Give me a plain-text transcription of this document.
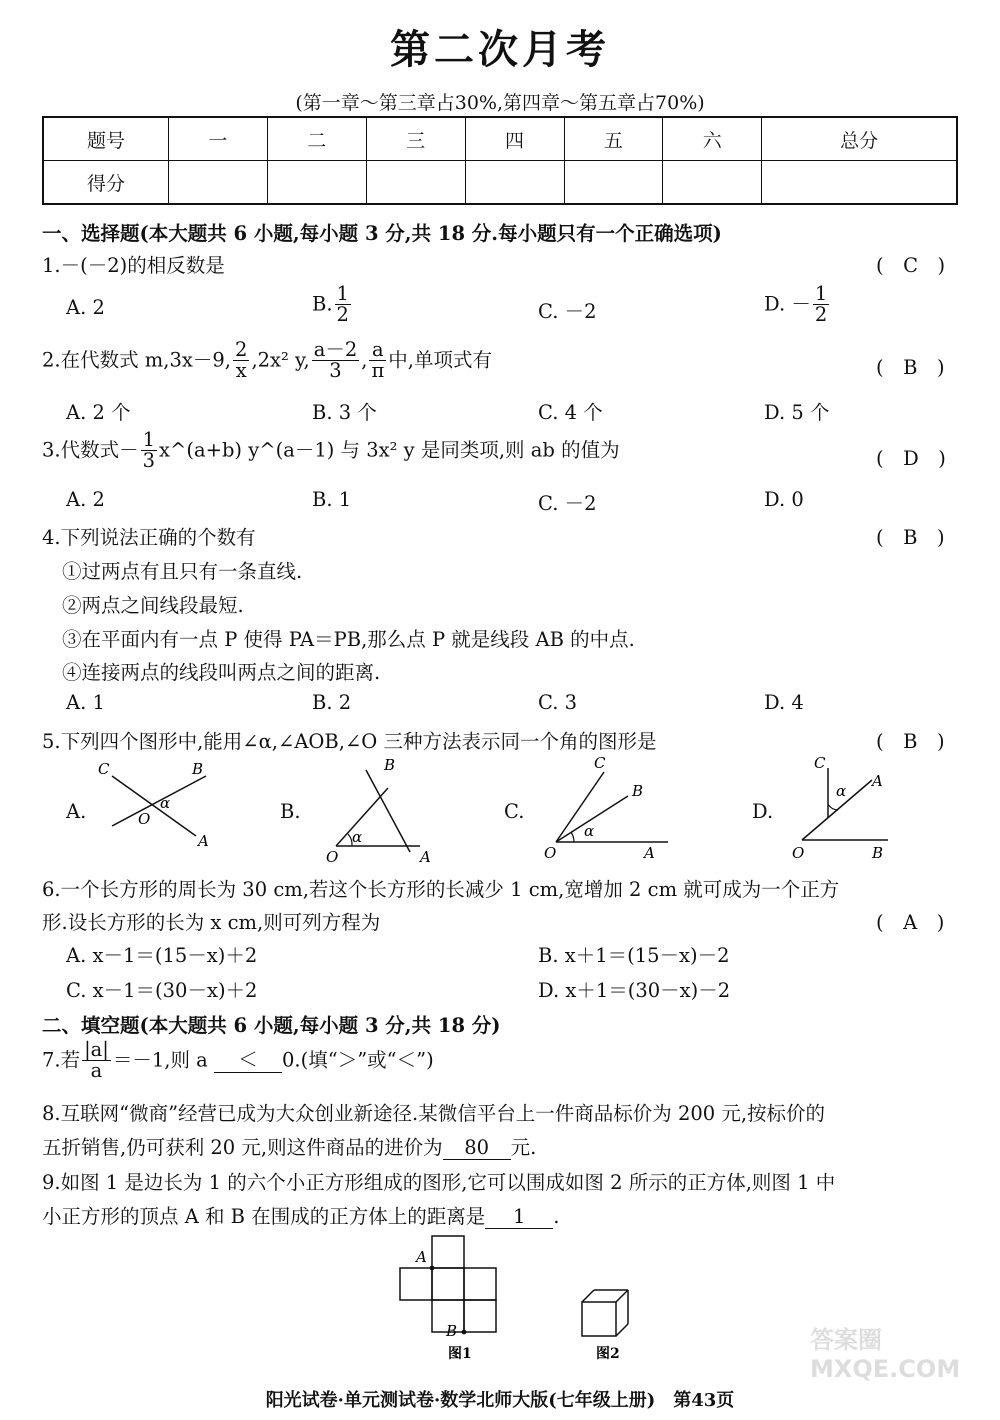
第二次月考
(第一章～第三章占30%,第四章～第五章占70%)
题号	一	二	三	四	五	六	总分
得分							
一、选择题(本大题共 6 小题,每小题 3 分,共 18 分.每小题只有一个正确选项)
1.－(－2)的相反数是	(　C　)
A. 2	B. $\frac{1}{2}$	C. －2	D. － $\frac{1}{2}$
2.在代数式 m,3x－9, $\frac{2}{x} ,2x^2$ y, $\frac{a-2}{3}$ , $\frac{a}{\pi}$ 中,单项式有	(　B　)
A. 2 个	B. 3 个	C. 4 个	D. 5 个
3.代数式－ $\frac{1}{3}$ x^(a+b) y^(a－1) 与 3x² y 是同类项,则 ab 的值为	(　D　)
A. 2	B. 1	C. －2	D. 0
4.下列说法正确的个数有	(　B　)
①过两点有且只有一条直线.
②两点之间线段最短.
③在平面内有一点 P 使得 PA＝PB,那么点 P 就是线段 AB 的中点.
④连接两点的线段叫两点之间的距离.
A. 1	B. 2	C. 3	D. 4
5.下列四个图形中,能用∠α,∠AOB,∠O 三种方法表示同一个角的图形是	(　B　)
A.	B.	C.	D.
C	B
A
O
α
B
O	A
α
C
B
O	A
α
C
A
O	B
α
6.一个长方形的周长为 30 cm,若这个长方形的长减少 1 cm,宽增加 2 cm 就可成为一个正方
形.设长方形的长为 x cm,则可列方程为	(　A　)
A. x－1＝(15－x)＋2	B. x＋1＝(15－x)－2
C. x－1＝(30－x)＋2	D. x＋1＝(30－x)－2
二、填空题(本大题共 6 小题,每小题 3 分,共 18 分)
7.若 $\frac{|a|}{a} =-1$,则 a ＜ 0.(填“＞”或“＜”)
8.互联网“微商”经营已成为大众创业新途径.某微信平台上一件商品标价为 200 元,按标价的
五折销售,仍可获利 20 元,则这件商品的进价为 80 元.
9.如图 1 是边长为 1 的六个小正方形组成的图形,它可以围成如图 2 所示的正方体,则图 1 中
小正方形的顶点 A 和 B 在围成的正方体上的距离是 1 .
A
B
图1	图2	答案圈 MXQE.COM
阳光试卷·单元测试卷·数学北师大版(七年级上册)　第43页
